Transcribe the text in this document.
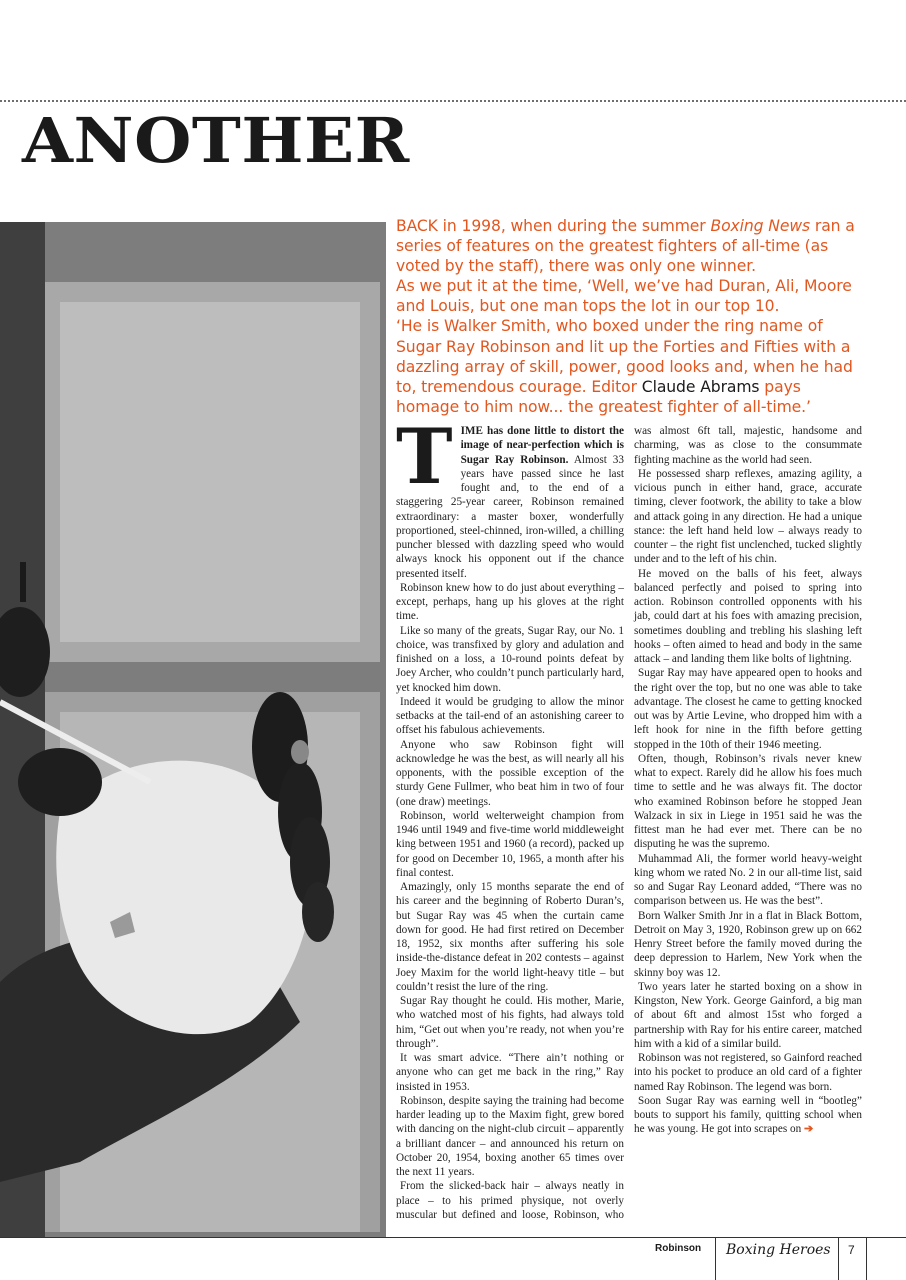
ANOTHER

BACK in 1998, when during the summer Boxing News ran a series of features on the greatest fighters of all-time (as voted by the staff), there was only one winner.
As we put it at the time, ‘Well, we’ve had Duran, Ali, Moore and Louis, but one man tops the lot in our top 10.
‘He is Walker Smith, who boxed under the ring name of Sugar Ray Robinson and lit up the Forties and Fifties with a dazzling array of skill, power, good looks and, when he had to, tremendous courage. Editor Claude Abrams pays homage to him now... the greatest fighter of all-time.’

TIME has done little to distort the image of near-perfection which is Sugar Ray Robinson. Almost 33 years have passed since he last fought and, to the end of a staggering 25-year career, Robinson remained extraordinary: a master boxer, wonderfully proportioned, steel-chinned, iron-willed, a chilling puncher blessed with dazzling speed who would always knock his opponent out if the chance presented itself.

Robinson knew how to do just about everything – except, perhaps, hang up his gloves at the right time.

Like so many of the greats, Sugar Ray, our No. 1 choice, was transfixed by glory and adulation and finished on a loss, a 10-round points defeat by Joey Archer, who couldn’t punch particularly hard, yet knocked him down.

Indeed it would be grudging to allow the minor setbacks at the tail-end of an astonishing career to offset his fabulous achievements.

Anyone who saw Robinson fight will acknowledge he was the best, as will nearly all his opponents, with the possible exception of the sturdy Gene Fullmer, who beat him in two of four (one draw) meetings.

Robinson, world welterweight champion from 1946 until 1949 and five-time world middleweight king between 1951 and 1960 (a record), packed up for good on December 10, 1965, a month after his final contest.

Amazingly, only 15 months separate the end of his career and the beginning of Roberto Duran’s, but Sugar Ray was 45 when the curtain came down for good. He had first retired on December 18, 1952, six months after suffering his sole inside-the-distance defeat in 202 contests – against Joey Maxim for the world light-heavy title – but couldn’t resist the lure of the ring.

Sugar Ray thought he could. His mother, Marie, who watched most of his fights, had always told him, “Get out when you’re ready, not when you’re through”.

It was smart advice. “There ain’t nothing or anyone who can get me back in the ring,” Ray insisted in 1953.

Robinson, despite saying the training had become harder leading up to the Maxim fight, grew bored with dancing on the night-club circuit – apparently a brilliant dancer – and announced his return on October 20, 1954, boxing another 65 times over the next 11 years.

From the slicked-back hair – always neatly in place – to his primed physique, not overly muscular but defined and loose, Robinson, who was almost 6ft tall, majestic, handsome and charming, was as close to the consummate fighting machine as the world had seen.

He possessed sharp reflexes, amazing agility, a vicious punch in either hand, grace, accurate timing, clever footwork, the ability to take a blow and attack going in any direction. He had a unique stance: the left hand held low – always ready to counter – the right fist unclenched, tucked slightly under and to the left of his chin.

He moved on the balls of his feet, always balanced perfectly and poised to spring into action. Robinson controlled opponents with his jab, could dart at his foes with amazing precision, sometimes doubling and trebling his slashing left hooks – often aimed to head and body in the same attack – and landing them like bolts of lightning.

Sugar Ray may have appeared open to hooks and the right over the top, but no one was able to take advantage. The closest he came to getting knocked out was by Artie Levine, who dropped him with a left hook for nine in the fifth before getting stopped in the 10th of their 1946 meeting.

Often, though, Robinson’s rivals never knew what to expect. Rarely did he allow his foes much time to settle and he was always fit. The doctor who examined Robinson before he stopped Jean Walzack in six in Liege in 1951 said he was the fittest man he had ever met. There can be no disputing he was the supremo.

Muhammad Ali, the former world heavy-weight king whom we rated No. 2 in our all-time list, said so and Sugar Ray Leonard added, “There was no comparison between us. He was the best”.

Born Walker Smith Jnr in a flat in Black Bottom, Detroit on May 3, 1920, Robinson grew up on 662 Henry Street before the family moved during the deep depression to Harlem, New York when the skinny boy was 12.

Two years later he started boxing on a show in Kingston, New York. George Gainford, a big man of about 6ft and almost 15st who forged a partnership with Ray for his entire career, matched him with a kid of a similar build.

Robinson was not registered, so Gainford reached into his pocket to produce an old card of a fighter named Ray Robinson. The legend was born.

Soon Sugar Ray was earning well in “bootleg” bouts to support his family, quitting school when he was young. He got into scrapes on ➔

Robinson	Boxing Heroes 7
